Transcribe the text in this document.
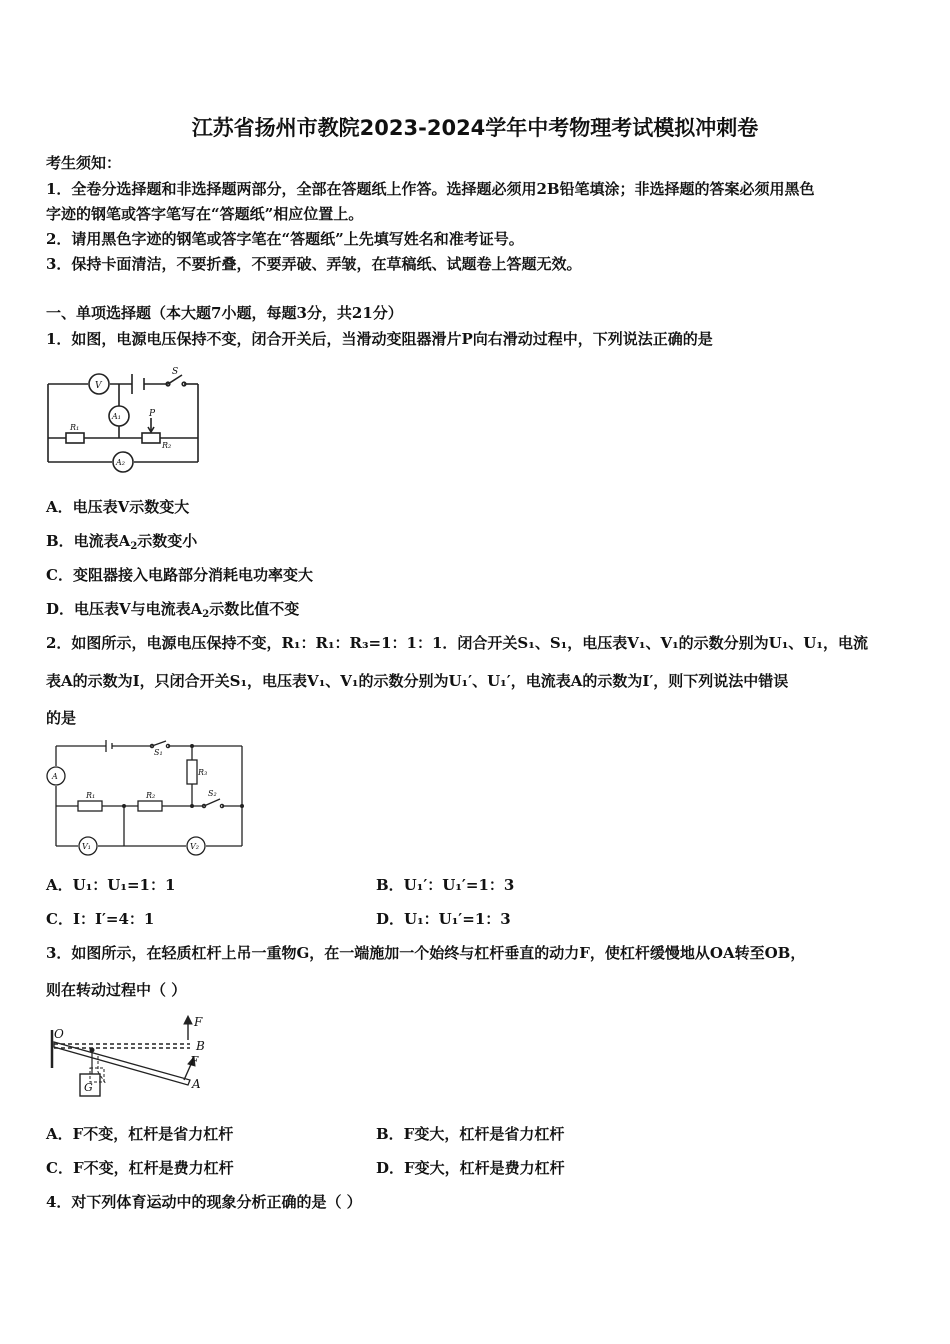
江苏省扬州市教院2023-2024学年中考物理考试模拟冲刺卷
考生须知：
1．全卷分选择题和非选择题两部分，全部在答题纸上作答。选择题必须用2B铅笔填涂；非选择题的答案必须用黑色
字迹的钢笔或答字笔写在“答题纸”相应位置上。
2．请用黑色字迹的钢笔或答字笔在“答题纸”上先填写姓名和准考证号。
3．保持卡面清洁，不要折叠，不要弄破、弄皱，在草稿纸、试题卷上答题无效。
一、单项选择题（本大题7小题，每题3分，共21分）
1．如图，电源电压保持不变，闭合开关后，当滑动变阻器滑片P向右滑动过程中，下列说法正确的是
V
S
A₁	P
R₁
R₂
A₂
A．电压表V示数变大
B．电流表$A_2$示数变小
C．变阻器接入电路部分消耗电功率变大
D．电压表V与电流表$A_2$示数比值不变
2．如图所示，电源电压保持不变，R₁：R₁：R₃=1：1：1．闭合开关S₁、S₁，电压表V₁、V₁的示数分别为U₁、U₁，电流
表A的示数为I，只闭合开关S₁，电压表V₁、V₁的示数分别为U₁′、U₁′，电流表A的示数为I′，则下列说法中错误
的是
A
S₁
R₃
R₁	R₂	S₂
V₁	V₂
A．U₁：U₁=1：1	B．U₁′：U₁′=1：3
C．I：I′=4：1	D．U₁：U₁′=1：3
3．如图所示，在轻质杠杆上吊一重物G，在一端施加一个始终与杠杆垂直的动力F，使杠杆缓慢地从OA转至OB，
则在转动过程中（ ）
O
F
B
F
A
G
A．F不变，杠杆是省力杠杆	B．F变大，杠杆是省力杠杆
C．F不变，杠杆是费力杠杆	D．F变大，杠杆是费力杠杆
4．对下列体育运动中的现象分析正确的是（ ）
